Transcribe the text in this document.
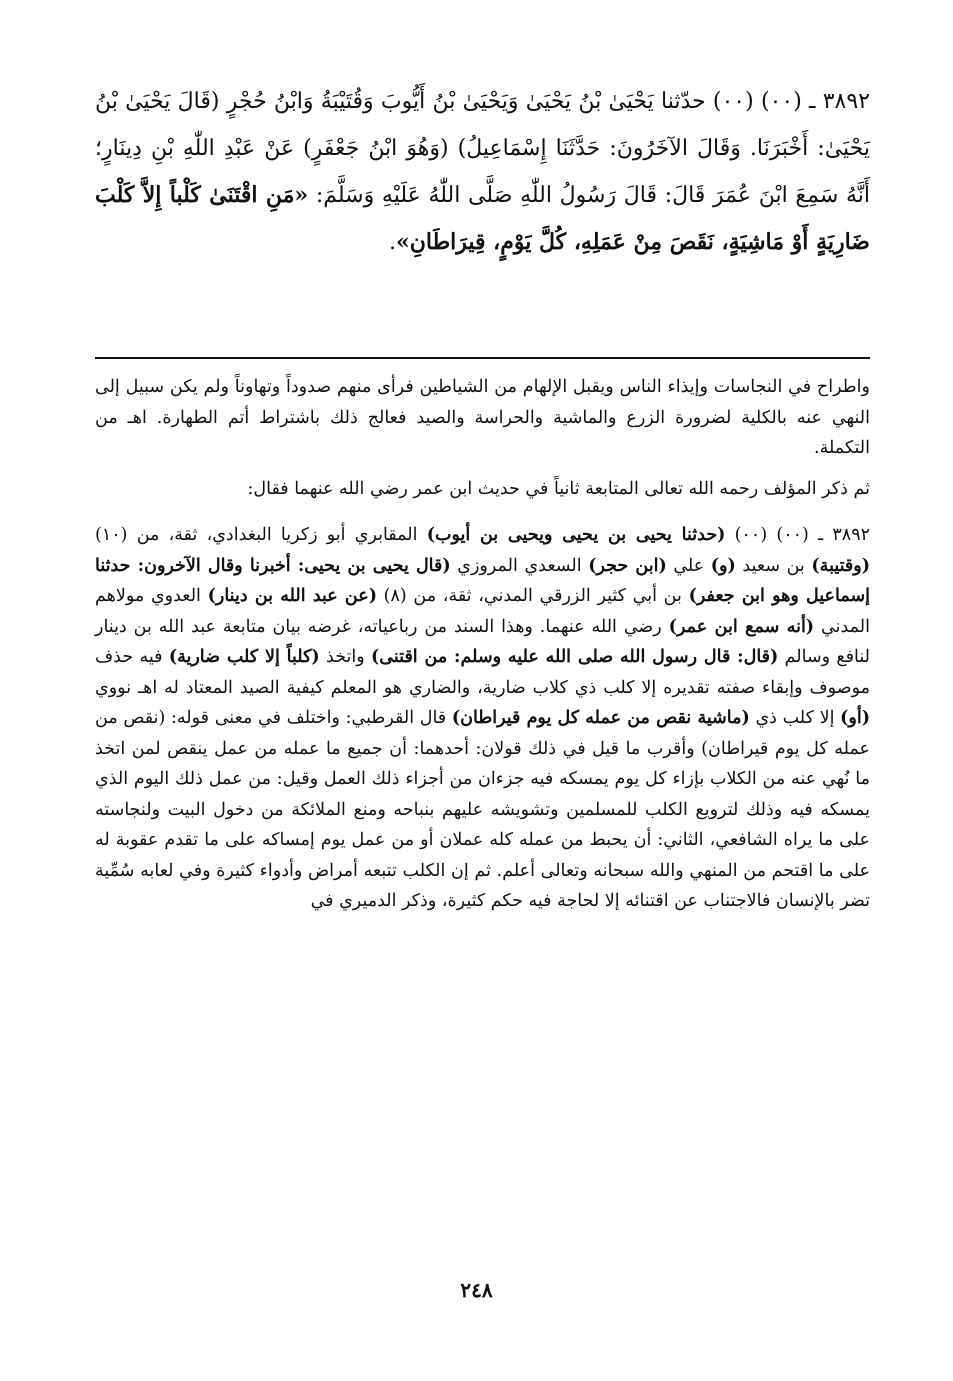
٣٨٩٢ ـ (٠٠) (٠٠) حدّثنا يَحْيَىٰ بْنُ يَحْيَىٰ وَيَحْيَىٰ بْنُ أَيُّوبَ وَقُتَيْبَةُ وَابْنُ حُجْرٍ (قَالَ يَحْيَىٰ بْنُ يَحْيَىٰ: أَخْبَرَنَا. وَقَالَ الآخَرُونَ: حَدَّثَنَا إِسْمَاعِيلُ) (وَهُوَ ابْنُ جَعْفَرٍ) عَنْ عَبْدِ اللّٰهِ بْنِ دِينَارٍ؛ أَنَّهُ سَمِعَ ابْنَ عُمَرَ قَالَ: قَالَ رَسُولُ اللّٰهِ صَلَّى اللّٰهُ عَلَيْهِ وَسَلَّمَ: «مَنِ اقْتَنَىٰ كَلْباً إِلاَّ كَلْبَ ضَارِيَةٍ أَوْ مَاشِيَةٍ، نَقَصَ مِنْ عَمَلِهِ، كُلَّ يَوْمٍ، قِيرَاطَانِ».

واطراح في النجاسات وإيذاء الناس ويقبل الإلهام من الشياطين فرأى منهم صدوداً وتهاوناً ولم يكن سبيل إلى النهي عنه بالكلية لضرورة الزرع والماشية والحراسة والصيد فعالج ذلك باشتراط أتم الطهارة. اهـ من التكملة.

ثم ذكر المؤلف رحمه الله تعالى المتابعة ثانياً في حديث ابن عمر رضي الله عنهما فقال:

٣٨٩٢ ـ (٠٠) (٠٠) (حدثنا يحيى بن يحيى ويحيى بن أيوب) المقابري أبو زكريا البغدادي، ثقة، من (١٠) (وقتيبة) بن سعيد (و) علي (ابن حجر) السعدي المروزي (قال يحيى بن يحيى: أخبرنا وقال الآخرون: حدثنا إسماعيل وهو ابن جعفر) بن أبي كثير الزرقي المدني، ثقة، من (٨) (عن عبد الله بن دينار) العدوي مولاهم المدني (أنه سمع ابن عمر) رضي الله عنهما. وهذا السند من رباعياته، غرضه بيان متابعة عبد الله بن دينار لنافع وسالم (قال: قال رسول الله صلى الله عليه وسلم: من اقتنى) واتخذ (كلباً إلا كلب ضارية) فيه حذف موصوف وإبقاء صفته تقديره إلا كلب ذي كلاب ضارية، والضاري هو المعلم كيفية الصيد المعتاد له اهـ نووي (أو) إلا كلب ذي (ماشية نقص من عمله كل يوم قيراطان) قال القرطبي: واختلف في معنى قوله: (نقص من عمله كل يوم قيراطان) وأقرب ما قيل في ذلك قولان: أحدهما: أن جميع ما عمله من عمل ينقص لمن اتخذ ما نُهي عنه من الكلاب بإزاء كل يوم يمسكه فيه جزءان من أجزاء ذلك العمل وقيل: من عمل ذلك اليوم الذي يمسكه فيه وذلك لترويع الكلب للمسلمين وتشويشه عليهم بنباحه ومنع الملائكة من دخول البيت ولنجاسته على ما يراه الشافعي، الثاني: أن يحبط من عمله كله عملان أو من عمل يوم إمساكه على ما تقدم عقوبة له على ما اقتحم من المنهي والله سبحانه وتعالى أعلم. ثم إن الكلب تتبعه أمراض وأدواء كثيرة وفي لعابه سُمِّية تضر بالإنسان فالاجتناب عن اقتنائه إلا لحاجة فيه حكم كثيرة، وذكر الدميري في

٢٤٨
